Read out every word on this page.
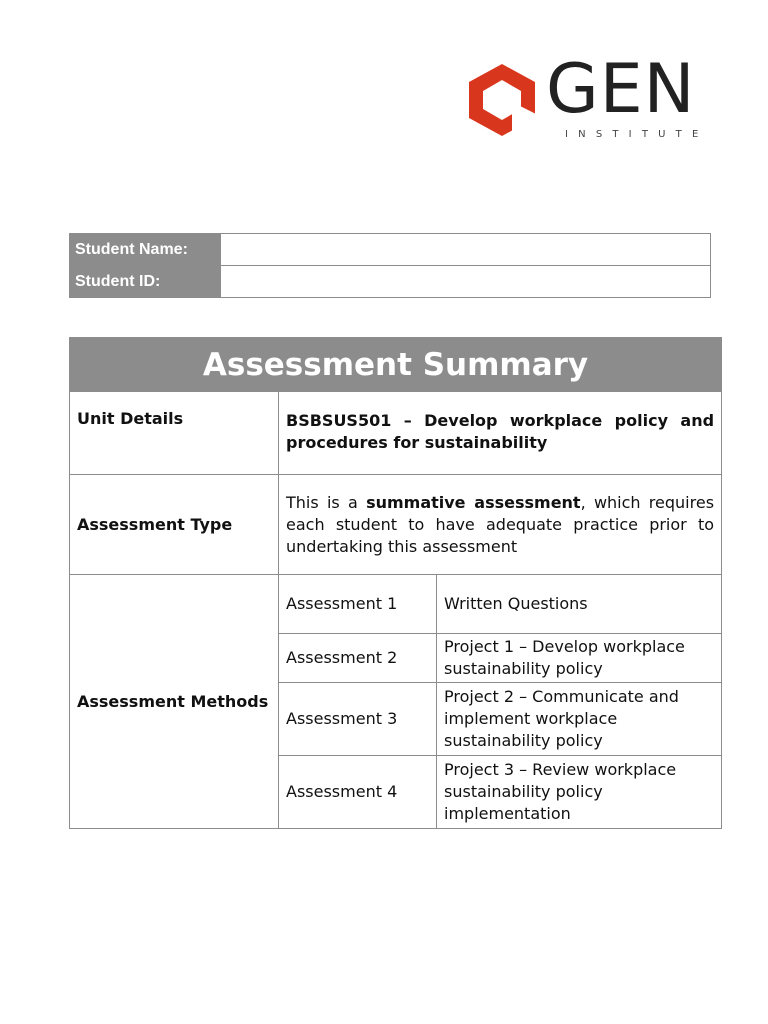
GEN
INSTITUTE
Student Name:	
Student ID:	
Assessment Summary		
Unit Details	BSBSUS501 – Develop workplace policy and procedures for sustainability	
Assessment Type	This is a summative assessment, which requires each student to have adequate practice prior to undertaking this assessment	
Assessment Methods	Assessment 1	Written Questions
	Assessment 2	Project 1 – Develop workplace sustainability policy
	Assessment 3	Project 2 – Communicate and implement workplace sustainability policy
	Assessment 4	Project 3 – Review workplace sustainability policy implementation
